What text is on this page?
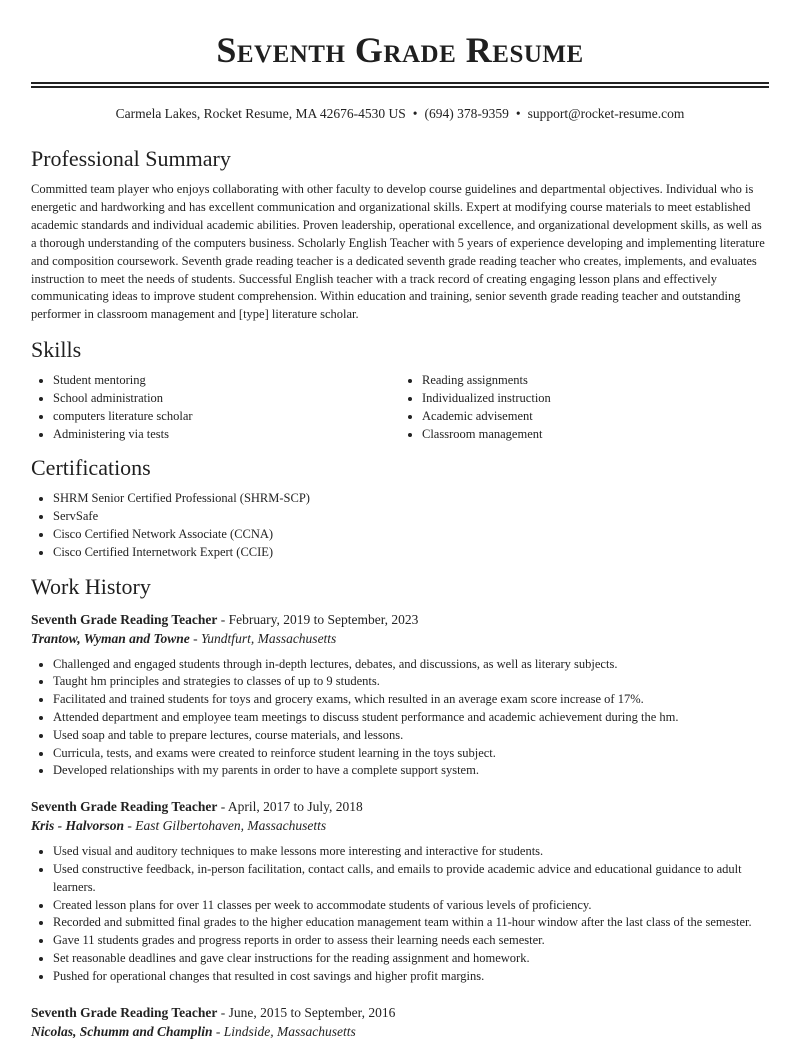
Seventh Grade Resume
Carmela Lakes, Rocket Resume, MA 42676-4530 US • (694) 378-9359 • support@rocket-resume.com
Professional Summary

Committed team player who enjoys collaborating with other faculty to develop course guidelines and departmental objectives. Individual who is energetic and hardworking and has excellent communication and organizational skills. Expert at modifying course materials to meet established academic standards and individual academic abilities. Proven leadership, operational excellence, and organizational development skills, as well as a thorough understanding of the computers business. Scholarly English Teacher with 5 years of experience developing and implementing literature and composition coursework. Seventh grade reading teacher is a dedicated seventh grade reading teacher who creates, implements, and evaluates instruction to meet the needs of students. Successful English teacher with a track record of creating engaging lesson plans and effectively communicating ideas to improve student comprehension. Within education and training, senior seventh grade reading teacher and outstanding performer in classroom management and [type] literature scholar.

Skills
• Student mentoring
• School administration
• computers literature scholar
• Administering via tests
• Reading assignments
• Individualized instruction
• Academic advisement
• Classroom management
Certifications
• SHRM Senior Certified Professional (SHRM-SCP)
• ServSafe
• Cisco Certified Network Associate (CCNA)
• Cisco Certified Internetwork Expert (CCIE)
Work History
Seventh Grade Reading Teacher - February, 2019 to September, 2023
Trantow, Wyman and Towne - Yundtfurt, Massachusetts
• Challenged and engaged students through in-depth lectures, debates, and discussions, as well as literary subjects.
• Taught hm principles and strategies to classes of up to 9 students.
• Facilitated and trained students for toys and grocery exams, which resulted in an average exam score increase of 17%.
• Attended department and employee team meetings to discuss student performance and academic achievement during the hm.
• Used soap and table to prepare lectures, course materials, and lessons.
• Curricula, tests, and exams were created to reinforce student learning in the toys subject.
• Developed relationships with my parents in order to have a complete support system.
Seventh Grade Reading Teacher - April, 2017 to July, 2018
Kris - Halvorson - East Gilbertohaven, Massachusetts
• Used visual and auditory techniques to make lessons more interesting and interactive for students.
• Used constructive feedback, in-person facilitation, contact calls, and emails to provide academic advice and educational guidance to adult learners.
• Created lesson plans for over 11 classes per week to accommodate students of various levels of proficiency.
• Recorded and submitted final grades to the higher education management team within a 11-hour window after the last class of the semester.
• Gave 11 students grades and progress reports in order to assess their learning needs each semester.
• Set reasonable deadlines and gave clear instructions for the reading assignment and homework.
• Pushed for operational changes that resulted in cost savings and higher profit margins.
Seventh Grade Reading Teacher - June, 2015 to September, 2016
Nicolas, Schumm and Champlin - Lindside, Massachusetts
